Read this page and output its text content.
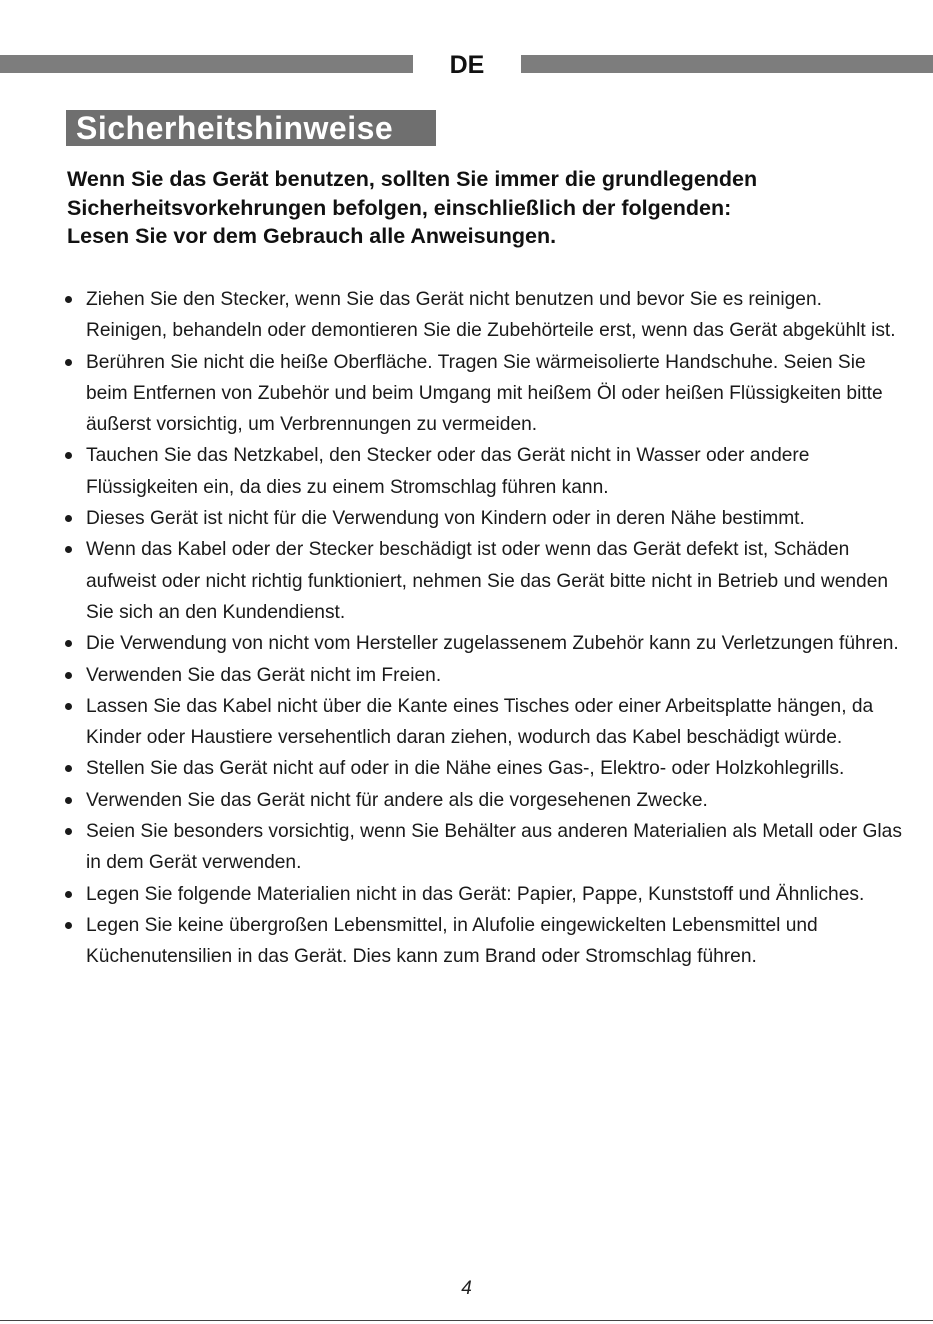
DE
Sicherheitshinweise
Wenn Sie das Gerät benutzen, sollten Sie immer die grundlegenden
Sicherheitsvorkehrungen befolgen, einschließlich der folgenden:
Lesen Sie vor dem Gebrauch alle Anweisungen.
Ziehen Sie den Stecker, wenn Sie das Gerät nicht benutzen und bevor Sie es reinigen. Reinigen, behandeln oder demontieren Sie die Zubehörteile erst, wenn das Gerät abgekühlt ist.
Berühren Sie nicht die heiße Oberfläche. Tragen Sie wärmeisolierte Handschuhe. Seien Sie beim Entfernen von Zubehör und beim Umgang mit heißem Öl oder heißen Flüssigkeiten bitte äußerst vorsichtig, um Verbrennungen zu vermeiden.
Tauchen Sie das Netzkabel, den Stecker oder das Gerät nicht in Wasser oder andere Flüssigkeiten ein, da dies zu einem Stromschlag führen kann.
Dieses Gerät ist nicht für die Verwendung von Kindern oder in deren Nähe bestimmt.
Wenn das Kabel oder der Stecker beschädigt ist oder wenn das Gerät defekt ist, Schäden aufweist oder nicht richtig funktioniert, nehmen Sie das Gerät bitte nicht in Betrieb und wenden Sie sich an den Kundendienst.
Die Verwendung von nicht vom Hersteller zugelassenem Zubehör kann zu Verletzungen führen.
Verwenden Sie das Gerät nicht im Freien.
Lassen Sie das Kabel nicht über die Kante eines Tisches oder einer Arbeitsplatte hängen, da Kinder oder Haustiere versehentlich daran ziehen, wodurch das Kabel beschädigt würde.
Stellen Sie das Gerät nicht auf oder in die Nähe eines Gas-, Elektro- oder Holzkohlegrills.
Verwenden Sie das Gerät nicht für andere als die vorgesehenen Zwecke.
Seien Sie besonders vorsichtig, wenn Sie Behälter aus anderen Materialien als Metall oder Glas in dem Gerät verwenden.
Legen Sie folgende Materialien nicht in das Gerät: Papier, Pappe, Kunststoff und Ähnliches.
Legen Sie keine übergroßen Lebensmittel, in Alufolie eingewickelten Lebensmittel und Küchenutensilien in das Gerät. Dies kann zum Brand oder Stromschlag führen.
4
